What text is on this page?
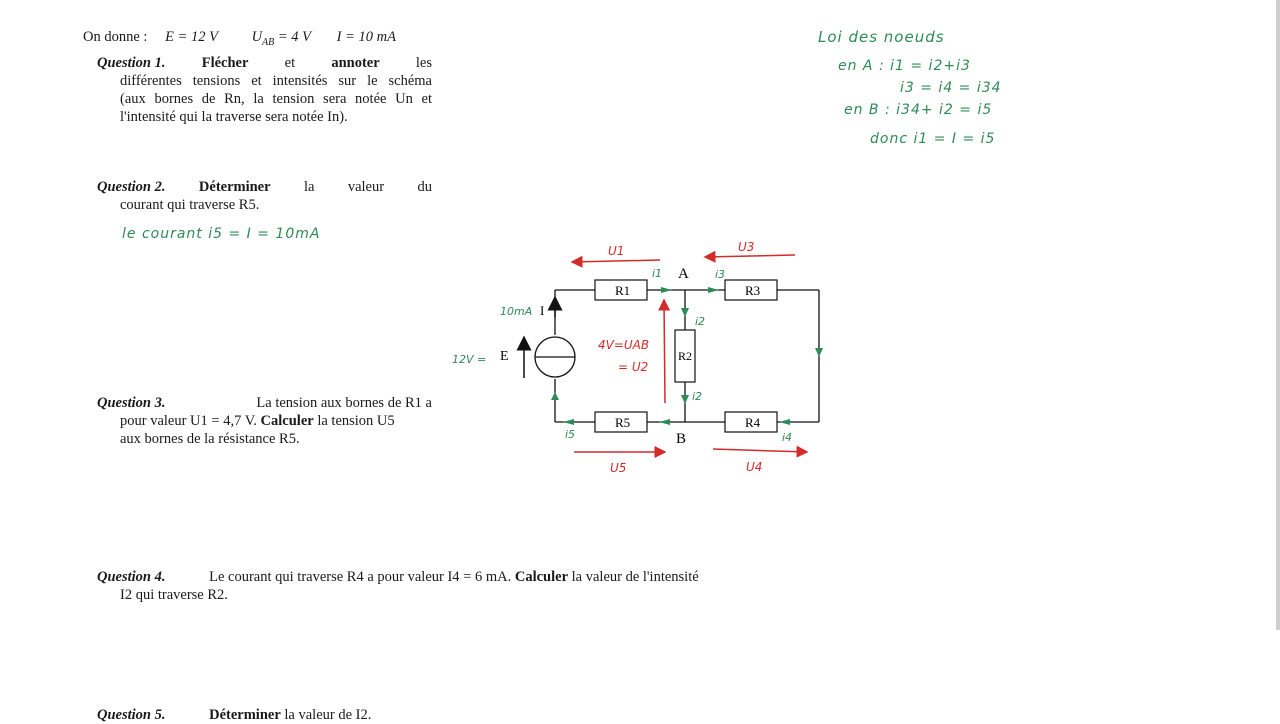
On donne : E = 12 V $U_{AB} = 4$ V I = 10 mA
Question 1. Flécher et annoter les
différentes tensions et intensités sur le schéma
(aux bornes de Rn, la tension sera notée Un et
l'intensité qui la traverse sera notée In).
Question 2. Déterminer la valeur du
courant qui traverse R5.
le courant i5 = I = 10mA
Question 3.	La tension aux bornes de R1 a
pour valeur U1 = 4,7 V. Calculer la tension U5
aux bornes de la résistance R5.
Question 4.	Le courant qui traverse R4 a pour valeur I4 = 6 mA. Calculer la valeur de l'intensité
I2 qui traverse R2.
Question 5.	Déterminer la valeur de I2.
Loi des noeuds
en A : i1 = i2+i3
i3 = i4 = i34
en B : i34+ i2 = i5
donc i1 = I = i5
R1	R3
R2
R5	R4
I
E
A
B
U1	U3
U5	U4
4V=UAB
= U2
i1	i3
i2
i2
i5	i4
10mA
12V =
